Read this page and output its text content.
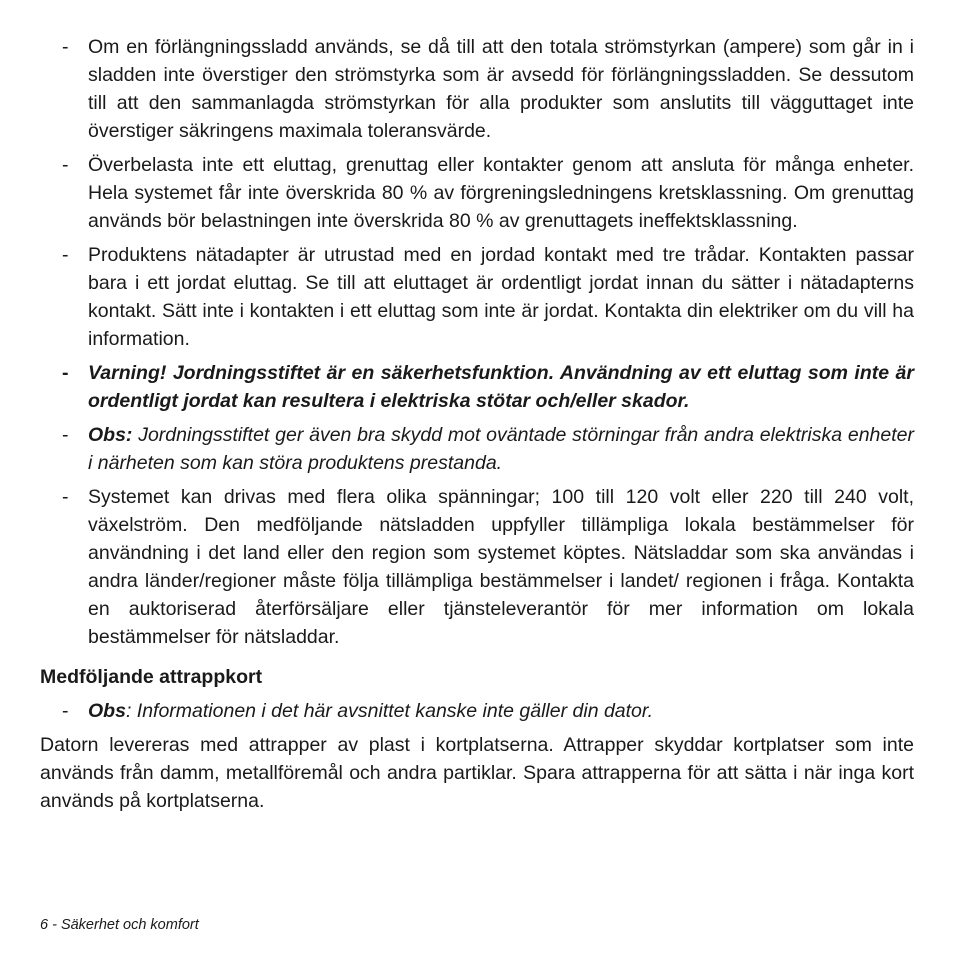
- Om en förlängningssladd används, se då till att den totala strömstyrkan (ampere) som går in i sladden inte överstiger den strömstyrka som är avsedd för förlängningssladden. Se dessutom till att den sammanlagda strömstyrkan för alla produkter som anslutits till vägguttaget inte överstiger säkringens maximala toleransvärde.
- Överbelasta inte ett eluttag, grenuttag eller kontakter genom att ansluta för många enheter. Hela systemet får inte överskrida 80 % av förgreningsledningens kretsklassning. Om grenuttag används bör belastningen inte överskrida 80 % av grenuttagets ineffektsklassning.
- Produktens nätadapter är utrustad med en jordad kontakt med tre trådar. Kontakten passar bara i ett jordat eluttag. Se till att eluttaget är ordentligt jordat innan du sätter i nätadapterns kontakt. Sätt inte i kontakten i ett eluttag som inte är jordat. Kontakta din elektriker om du vill ha information.
- Varning! Jordningsstiftet är en säkerhetsfunktion. Användning av ett eluttag som inte är ordentligt jordat kan resultera i elektriska stötar och/eller skador.
- Obs: Jordningsstiftet ger även bra skydd mot oväntade störningar från andra elektriska enheter i närheten som kan störa produktens prestanda.
- Systemet kan drivas med flera olika spänningar; 100 till 120 volt eller 220 till 240 volt, växelström. Den medföljande nätsladden uppfyller tillämpliga lokala bestämmelser för användning i det land eller den region som systemet köptes. Nätsladdar som ska användas i andra länder/regioner måste följa tillämpliga bestämmelser i landet/ regionen i fråga. Kontakta en auktoriserad återförsäljare eller tjänsteleverantör för mer information om lokala bestämmelser för nätsladdar.
Medföljande attrappkort
- Obs: Informationen i det här avsnittet kanske inte gäller din dator.

Datorn levereras med attrapper av plast i kortplatserna. Attrapper skyddar kortplatser som inte används från damm, metallföremål och andra partiklar. Spara attrapperna för att sätta i när inga kort används på kortplatserna.

6 - Säkerhet och komfort
